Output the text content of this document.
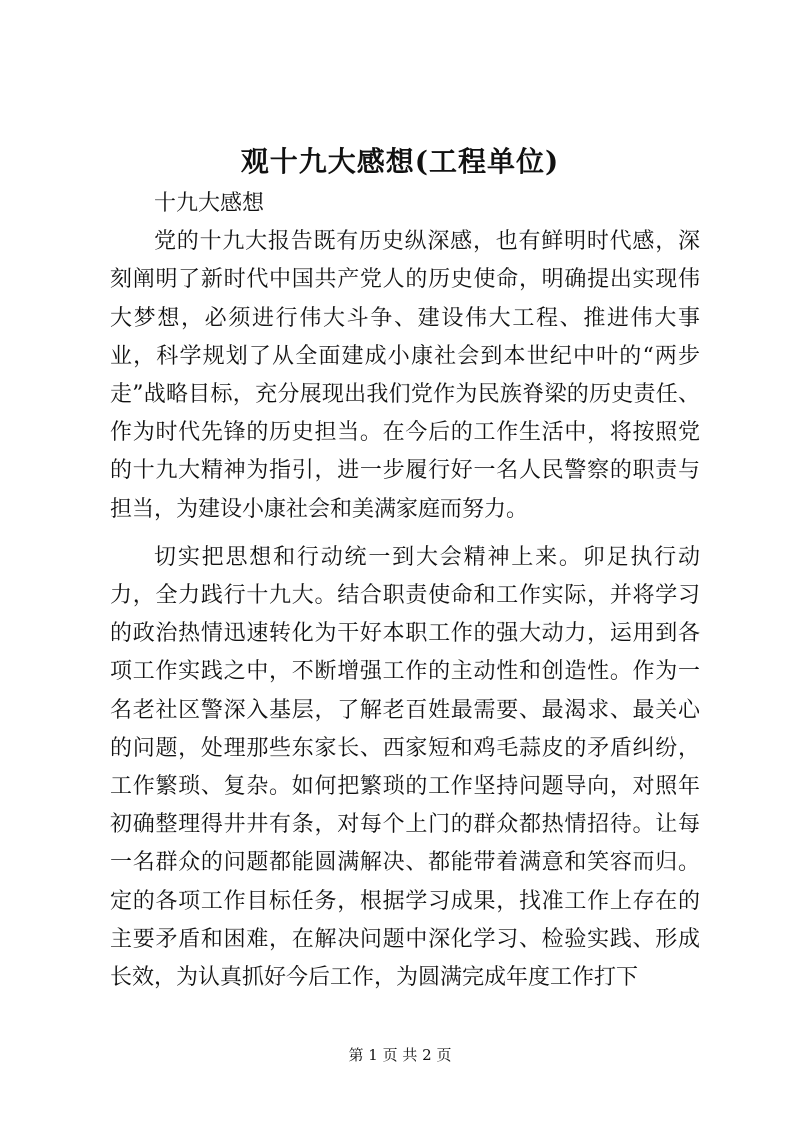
观十九大感想(工程单位)

十九大感想

党的十九大报告既有历史纵深感，也有鲜明时代感，深刻阐明了新时代中国共产党人的历史使命，明确提出实现伟大梦想，必须进行伟大斗争、建设伟大工程、推进伟大事业，科学规划了从全面建成小康社会到本世纪中叶的“两步走”战略目标，充分展现出我们党作为民族脊梁的历史责任、作为时代先锋的历史担当。在今后的工作生活中，将按照党的十九大精神为指引，进一步履行好一名人民警察的职责与担当，为建设小康社会和美满家庭而努力。

切实把思想和行动统一到大会精神上来。卯足执行动力，全力践行十九大。结合职责使命和工作实际，并将学习的政治热情迅速转化为干好本职工作的强大动力，运用到各项工作实践之中，不断增强工作的主动性和创造性。作为一名老社区警深入基层，了解老百姓最需要、最渴求、最关心的问题，处理那些东家长、西家短和鸡毛蒜皮的矛盾纠纷，工作繁琐、复杂。如何把繁琐的工作坚持问题导向，对照年初确整理得井井有条，对每个上门的群众都热情招待。让每一名群众的问题都能圆满解决、都能带着满意和笑容而归。定的各项工作目标任务，根据学习成果，找准工作上存在的主要矛盾和困难，在解决问题中深化学习、检验实践、形成长效，为认真抓好今后工作，为圆满完成年度工作打下

第 1 页 共 2 页
